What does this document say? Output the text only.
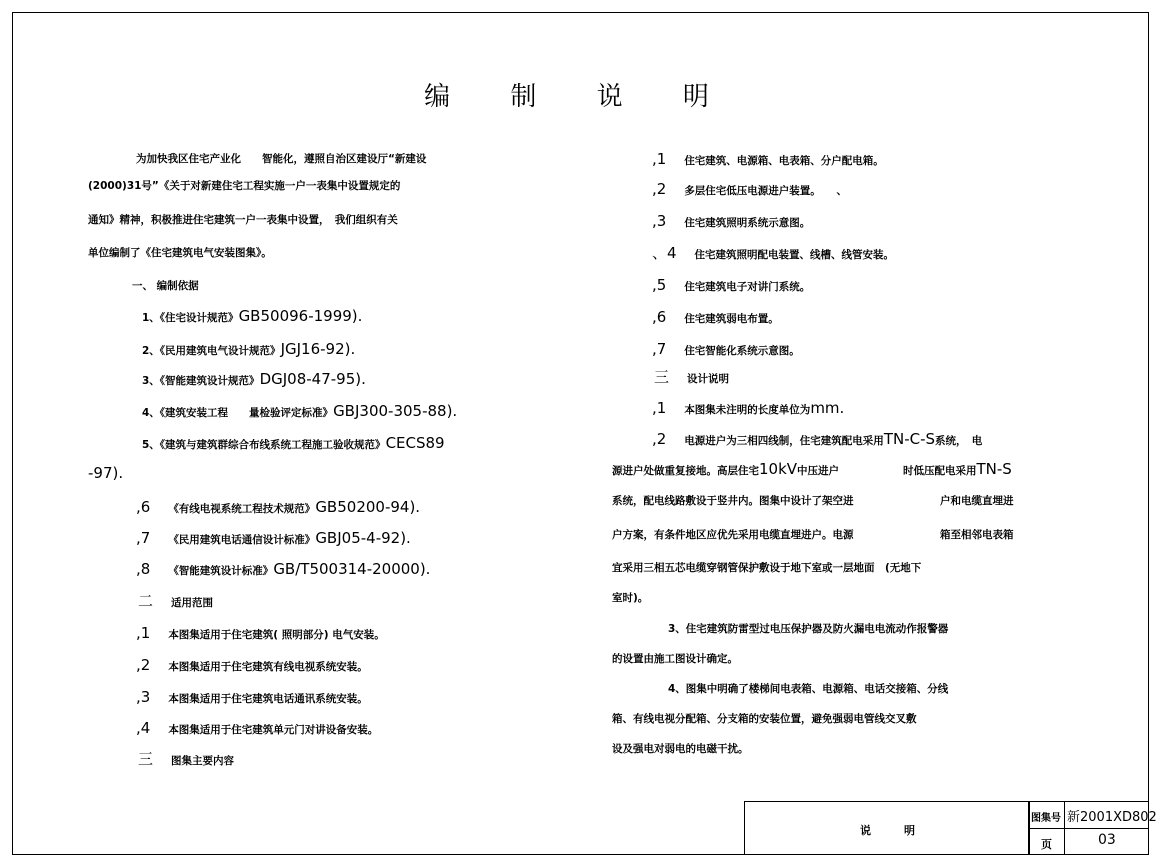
编 制 说 明
为加快我区住宅产业化　　智能化，遵照自治区建设厅“新建设
(2000)31号”《关于对新建住宅工程实施一户一表集中设置规定的
通知》精神，积极推进住宅建筑一户一表集中设置，　我们组织有关
单位编制了《住宅建筑电气安装图集》。
一、 编制依据
1、《住宅设计规范》GB50096-1999).
2、《民用建筑电气设计规范》JGJ16-92).
3、《智能建筑设计规范》DGJ08-47-95).
4、《建筑安装工程　　量检验评定标准》GBJ300-305-88).
5、《建筑与建筑群综合布线系统工程施工验收规范》CECS89
-97).
,6 《有线电视系统工程技术规范》GB50200-94).
,7 《民用建筑电话通信设计标准》GBJ05-4-92).
,8 《智能建筑设计标准》GB/T500314-20000).
二 适用范围
,1 本图集适用于住宅建筑( 照明部分) 电气安装。
,2 本图集适用于住宅建筑有线电视系统安装。
,3 本图集适用于住宅建筑电话通讯系统安装。
,4 本图集适用于住宅建筑单元门对讲设备安装。
三 图集主要内容
,1 住宅建筑、电源箱、电表箱、分户配电箱。
,2 多层住宅低压电源进户装置。　　、
,3 住宅建筑照明系统示意图。
、4 住宅建筑照明配电装置、线槽、线管安装。
,5 住宅建筑电子对讲门系统。
,6 住宅建筑弱电布置。
,7 住宅智能化系统示意图。
三 设计说明
,1 本图集未注明的长度单位为mm.
,2 电源进户为三相四线制，住宅建筑配电采用TN-C-S系统，　电
源进户处做重复接地。高层住宅10kV中压进户	时低压配电采用TN-S
系统，配电线路敷设于竖井内。图集中设计了架空进	户和电缆直埋进
户方案，有条件地区应优先采用电缆直埋进户。电源	箱至相邻电表箱
宜采用三相五芯电缆穿钢管保护敷设于地下室或一层地面　(无地下
室时)。
3、住宅建筑防雷型过电压保护器及防火漏电电流动作报警器
的设置由施工图设计确定。
4、图集中明确了楼梯间电表箱、电源箱、电话交接箱、分线
箱、有线电视分配箱、分支箱的安装位置，避免强弱电管线交叉敷
设及强电对弱电的电磁干扰。
说　　　明
图集号 新2001XD802
页	03
